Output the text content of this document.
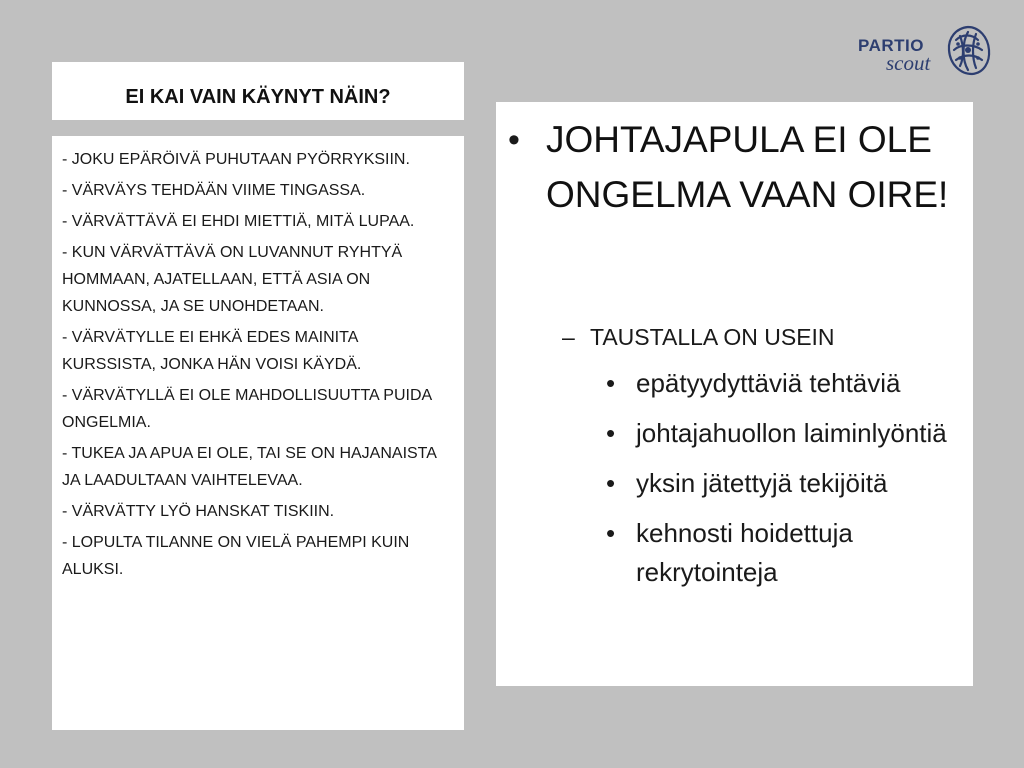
PARTIO
scout
EI KAI VAIN KÄYNYT NÄIN?

- JOKU EPÄRÖIVÄ PUHUTAAN PYÖRRYKSIIN.

- VÄRVÄYS TEHDÄÄN VIIME TINGASSA.

- VÄRVÄTTÄVÄ EI EHDI MIETTIÄ, MITÄ LUPAA.

- KUN VÄRVÄTTÄVÄ ON LUVANNUT RYHTYÄ HOMMAAN, AJATELLAAN, ETTÄ ASIA ON KUNNOSSA, JA SE UNOHDETAAN.

- VÄRVÄTYLLE EI EHKÄ EDES MAINITA KURSSISTA, JONKA HÄN VOISI KÄYDÄ.

- VÄRVÄTYLLÄ EI OLE MAHDOLLISUUTTA PUIDA ONGELMIA.

- TUKEA JA APUA EI OLE, TAI SE ON HAJANAISTA JA LAADULTAAN VAIHTELEVAA.

- VÄRVÄTTY LYÖ HANSKAT TISKIIN.

- LOPULTA TILANNE ON VIELÄ PAHEMPI KUIN ALUKSI.

• JOHTAJAPULA EI OLE ONGELMA VAAN OIRE!
– TAUSTALLA ON USEIN
• epätyydyttäviä tehtäviä
• johtajahuollon laiminlyöntiä
• yksin jätettyjä tekijöitä
• kehnosti hoidettuja rekrytointeja
